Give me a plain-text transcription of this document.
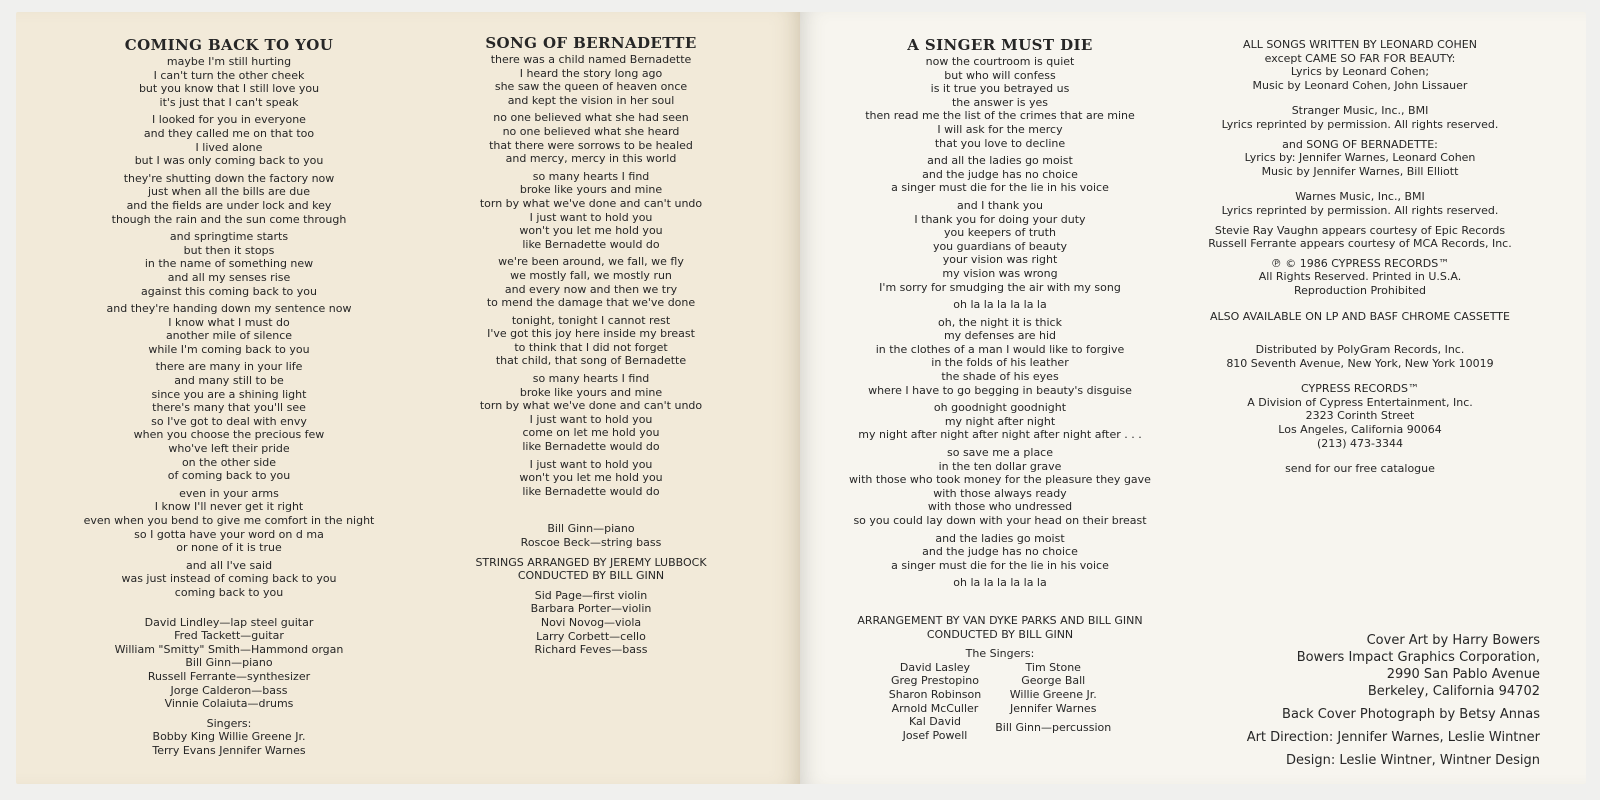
COMING BACK TO YOU
maybe I'm still hurting
I can't turn the other cheek
but you know that I still love you
it's just that I can't speak
I looked for you in everyone
and they called me on that too
I lived alone
but I was only coming back to you
they're shutting down the factory now
just when all the bills are due
and the fields are under lock and key
though the rain and the sun come through
and springtime starts
but then it stops
in the name of something new
and all my senses rise
against this coming back to you
and they're handing down my sentence now
I know what I must do
another mile of silence
while I'm coming back to you
there are many in your life
and many still to be
since you are a shining light
there's many that you'll see
so I've got to deal with envy
when you choose the precious few
who've left their pride
on the other side
of coming back to you
even in your arms
I know I'll never get it right
even when you bend to give me comfort in the night
so I gotta have your word on d ma
or none of it is true
and all I've said
was just instead of coming back to you
coming back to you
David Lindley—lap steel guitar
Fred Tackett—guitar
William "Smitty" Smith—Hammond organ
Bill Ginn—piano
Russell Ferrante—synthesizer
Jorge Calderon—bass
Vinnie Colaiuta—drums
Singers:
Bobby King Willie Greene Jr.
Terry Evans Jennifer Warnes
SONG OF BERNADETTE
there was a child named Bernadette
I heard the story long ago
she saw the queen of heaven once
and kept the vision in her soul
no one believed what she had seen
no one believed what she heard
that there were sorrows to be healed
and mercy, mercy in this world
so many hearts I find
broke like yours and mine
torn by what we've done and can't undo
I just want to hold you
won't you let me hold you
like Bernadette would do
we're been around, we fall, we fly
we mostly fall, we mostly run
and every now and then we try
to mend the damage that we've done
tonight, tonight I cannot rest
I've got this joy here inside my breast
to think that I did not forget
that child, that song of Bernadette
so many hearts I find
broke like yours and mine
torn by what we've done and can't undo
I just want to hold you
come on let me hold you
like Bernadette would do
I just want to hold you
won't you let me hold you
like Bernadette would do
Bill Ginn—piano
Roscoe Beck—string bass
STRINGS ARRANGED BY JEREMY LUBBOCK
CONDUCTED BY BILL GINN
Sid Page—first violin
Barbara Porter—violin
Novi Novog—viola
Larry Corbett—cello
Richard Feves—bass
A SINGER MUST DIE
now the courtroom is quiet
but who will confess
is it true you betrayed us
the answer is yes
then read me the list of the crimes that are mine
I will ask for the mercy
that you love to decline
and all the ladies go moist
and the judge has no choice
a singer must die for the lie in his voice
and I thank you
I thank you for doing your duty
you keepers of truth
you guardians of beauty
your vision was right
my vision was wrong
I'm sorry for smudging the air with my song
oh la la la la la la
oh, the night it is thick
my defenses are hid
in the clothes of a man I would like to forgive
in the folds of his leather
the shade of his eyes
where I have to go begging in beauty's disguise
oh goodnight goodnight
my night after night
my night after night after night after night after . . .
so save me a place
in the ten dollar grave
with those who took money for the pleasure they gave
with those always ready
with those who undressed
so you could lay down with your head on their breast
and the ladies go moist
and the judge has no choice
a singer must die for the lie in his voice
oh la la la la la la
ARRANGEMENT BY VAN DYKE PARKS AND BILL GINN
CONDUCTED BY BILL GINN
The Singers:
David Lasley
Greg Prestopino
Sharon Robinson
Arnold McCuller
Kal David
Josef Powell
Tim Stone
George Ball
Willie Greene Jr.
Jennifer Warnes
Bill Ginn—percussion
ALL SONGS WRITTEN BY LEONARD COHEN
except CAME SO FAR FOR BEAUTY:
Lyrics by Leonard Cohen;
Music by Leonard Cohen, John Lissauer
Stranger Music, Inc., BMI
Lyrics reprinted by permission. All rights reserved.
and SONG OF BERNADETTE:
Lyrics by: Jennifer Warnes, Leonard Cohen
Music by Jennifer Warnes, Bill Elliott
Warnes Music, Inc., BMI
Lyrics reprinted by permission. All rights reserved.
Stevie Ray Vaughn appears courtesy of Epic Records
Russell Ferrante appears courtesy of MCA Records, Inc.
℗ © 1986 CYPRESS RECORDS™
All Rights Reserved. Printed in U.S.A.
Reproduction Prohibited
ALSO AVAILABLE ON LP AND BASF CHROME CASSETTE
Distributed by PolyGram Records, Inc.
810 Seventh Avenue, New York, New York 10019
CYPRESS RECORDS™
A Division of Cypress Entertainment, Inc.
2323 Corinth Street
Los Angeles, California 90064
(213) 473-3344
send for our free catalogue
Cover Art by Harry Bowers
Bowers Impact Graphics Corporation,
2990 San Pablo Avenue
Berkeley, California 94702
Back Cover Photograph by Betsy Annas
Art Direction: Jennifer Warnes, Leslie Wintner
Design: Leslie Wintner, Wintner Design
